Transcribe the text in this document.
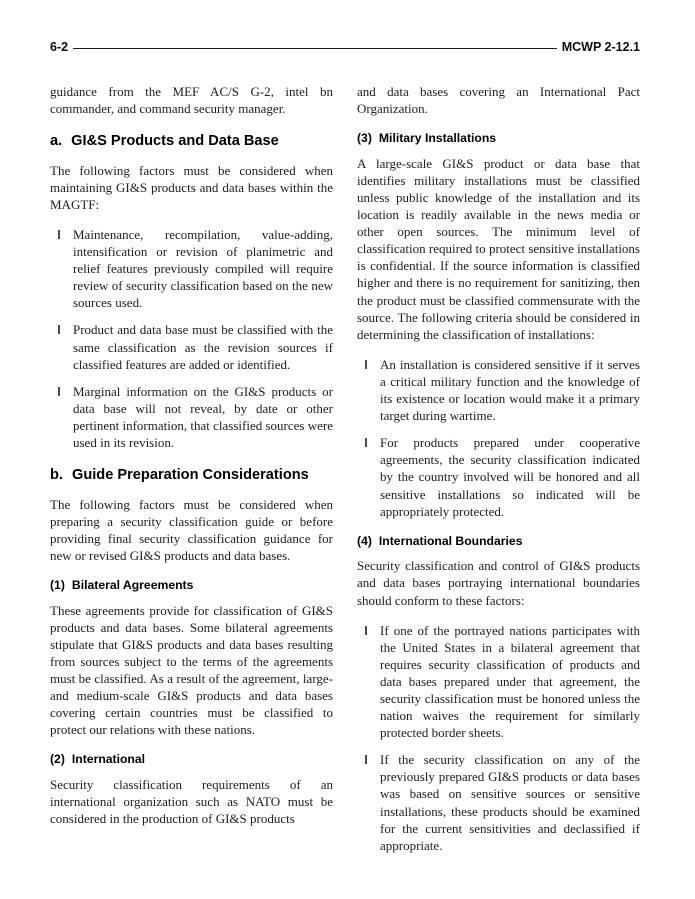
6-2	MCWP 2-12.1

guidance from the MEF AC/S G-2, intel bn commander, and command security manager.

a. GI&S Products and Data Base

The following factors must be considered when maintaining GI&S products and data bases within the MAGTF:

Maintenance, recompilation, value-adding, intensification or revision of planimetric and relief features previously compiled will require review of security classification based on the new sources used.
Product and data base must be classified with the same classification as the revision sources if classified features are added or identified.
Marginal information on the GI&S products or data base will not reveal, by date or other pertinent information, that classified sources were used in its revision.
b. Guide Preparation Considerations

The following factors must be considered when preparing a security classification guide or before providing final security classification guidance for new or revised GI&S products and data bases.

(1) Bilateral Agreements

These agreements provide for classification of GI&S products and data bases. Some bilateral agreements stipulate that GI&S products and data bases resulting from sources subject to the terms of the agreements must be classified. As a result of the agreement, large- and medium-scale GI&S products and data bases covering certain countries must be classified to protect our relations with these nations.

(2) International

Security classification requirements of an international organization such as NATO must be considered in the production of GI&S products

and data bases covering an International Pact Organization.

(3) Military Installations

A large-scale GI&S product or data base that identifies military installations must be classified unless public knowledge of the installation and its location is readily available in the news media or other open sources. The minimum level of classification required to protect sensitive installations is confidential. If the source information is classified higher and there is no requirement for sanitizing, then the product must be classified commensurate with the source. The following criteria should be considered in determining the classification of installations:

An installation is considered sensitive if it serves a critical military function and the knowledge of its existence or location would make it a primary target during wartime.
For products prepared under cooperative agreements, the security classification indicated by the country involved will be honored and all sensitive installations so indicated will be appropriately protected.
(4) International Boundaries

Security classification and control of GI&S products and data bases portraying international boundaries should conform to these factors:

If one of the portrayed nations participates with the United States in a bilateral agreement that requires security classification of products and data bases prepared under that agreement, the security classification must be honored unless the nation waives the requirement for similarly protected border sheets.
If the security classification on any of the previously prepared GI&S products or data bases was based on sensitive sources or sensitive installations, these products should be examined for the current sensitivities and declassified if appropriate.
